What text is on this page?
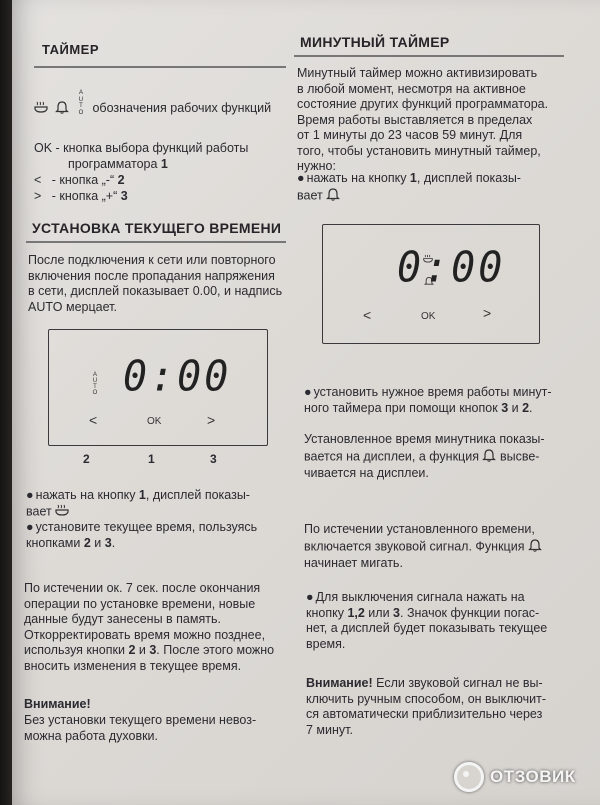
ТАЙМЕР

A
U
T
O обозначения рабочих функций
OK - кнопка выбора функций работы
программатора 1
< - кнопка „-“ 2
> - кнопка „+“ 3
УСТАНОВКА ТЕКУЩЕГО ВРЕМЕНИ
После подключения к сети или повторного
включения после пропадания напряжения
в сети, дисплей показывает 0.00, и надпись
AUTO мерцает.
A
U
T
O 0:00
<	OK	>
2	1	3
● нажать на кнопку 1, дисплей показы-
вает
● установите текущее время, пользуясь
кнопками 2 и 3.
По истечении ок. 7 сек. после окончания
операции по установке времени, новые
данные будут занесены в память.
Откорректировать время можно позднее,
используя кнопки 2 и 3. После этого можно
вносить изменения в текущее время.
Внимание!
Без установки текущего времени невоз-
можна работа духовки.
МИНУТНЫЙ ТАЙМЕР
Минутный таймер можно активизировать
в любой момент, несмотря на активное
состояние других функций программатора.
Время работы выставляется в пределах
от 1 минуты до 23 часов 59 минут. Для
того, чтобы установить минутный таймер,
нужно:
● нажать на кнопку 1, дисплей показы-
вает
0:00
<	OK	>
● установить нужное время работы минут-
ного таймера при помощи кнопок 3 и 2.
Установленное время минутника показы-
вается на дисплеи, а функция высве-
чивается на дисплеи.
По истечении установленного времени,
включается звуковой сигнал. Функция
начинает мигать.
● Для выключения сигнала нажать на
кнопку 1,2 или 3. Значок функции погас-
нет, а дисплей будет показывать текущее
время.
Внимание! Если звуковой сигнал не вы-
ключить ручным способом, он выключит-
ся автоматически приблизительно через
7 минут.
ОТЗОВИК
